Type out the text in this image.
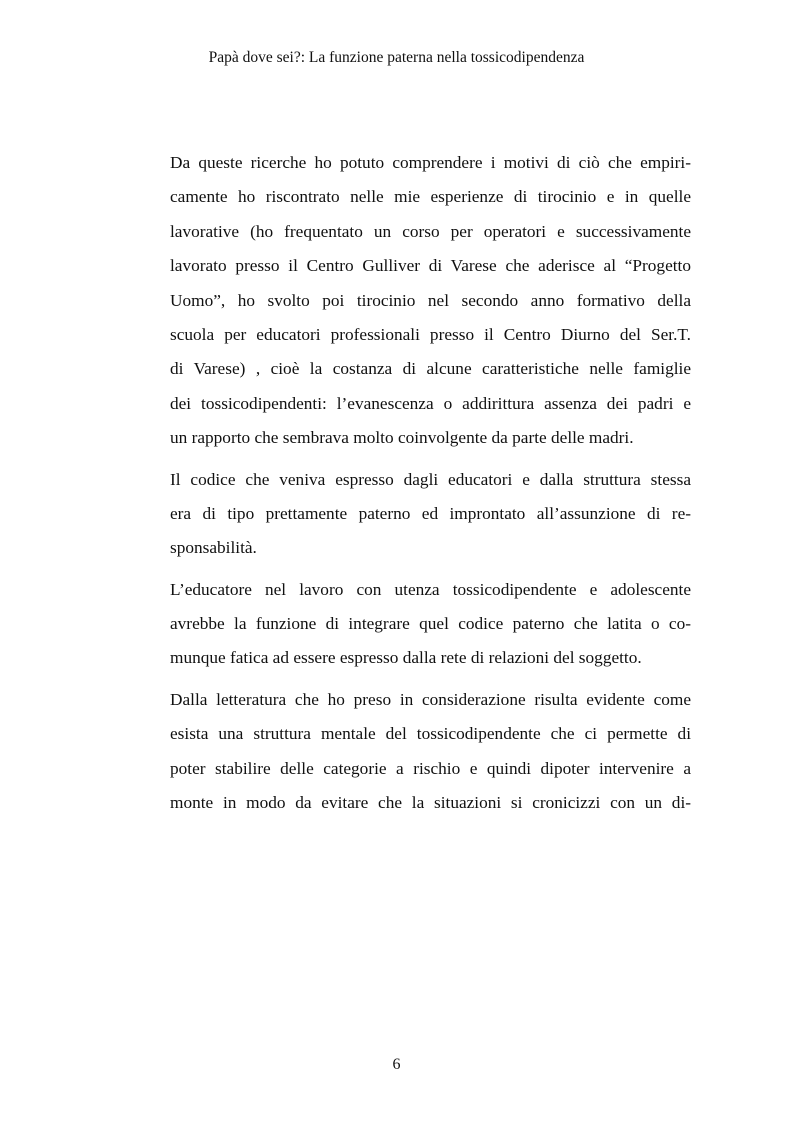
Papà dove sei?: La funzione paterna nella tossicodipendenza
Da queste ricerche ho potuto comprendere i motivi di ciò che empiri-
camente ho riscontrato nelle mie esperienze di tirocinio e in quelle
lavorative (ho frequentato un corso per operatori e successivamente
lavorato presso il Centro Gulliver di Varese che aderisce al “Progetto
Uomo”, ho svolto poi tirocinio nel secondo anno formativo della
scuola per educatori professionali presso il Centro Diurno del Ser.T.
di Varese) , cioè la costanza di alcune caratteristiche nelle famiglie
dei tossicodipendenti: l’evanescenza o addirittura assenza dei padri e
un rapporto che sembrava molto coinvolgente da parte delle madri.
Il codice che veniva espresso dagli educatori e dalla struttura stessa
era di tipo prettamente paterno ed improntato all’assunzione di re-
sponsabilità.
L’educatore nel lavoro con utenza tossicodipendente e adolescente
avrebbe la funzione di integrare quel codice paterno che latita o co-
munque fatica ad essere espresso dalla rete di relazioni del soggetto.
Dalla letteratura che ho preso in considerazione risulta evidente come
esista una struttura mentale del tossicodipendente che ci permette di
poter stabilire delle categorie a rischio e quindi dipoter intervenire a
monte in modo da evitare che la situazioni si cronicizzi con un di-
6
